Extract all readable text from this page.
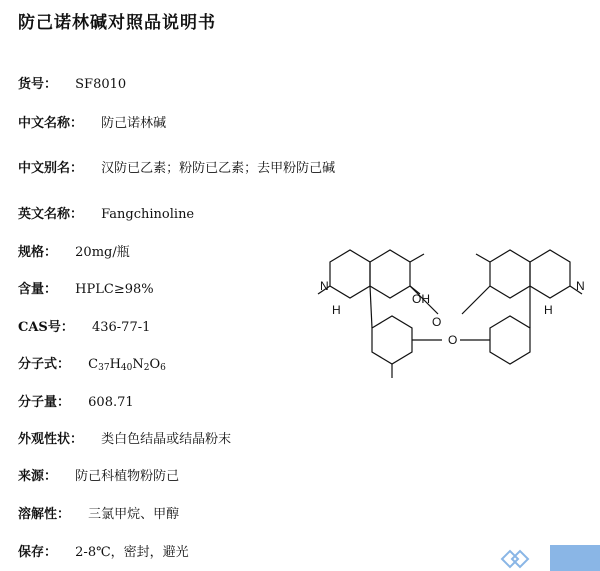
防己诺林碱对照品说明书
货号： SF8010
中文名称： 防己诺林碱
中文别名： 汉防已乙素；粉防已乙素；去甲粉防己碱
英文名称： Fangchinoline
规格： 20mg/瓶
含量： HPLC≥98%
CAS号： 436-77-1
分子式： $C_{37}H_{40}N_2O_6$
分子量： 608.71
外观性状： 类白色结晶或结晶粉末
来源： 防己科植物粉防己
溶解性： 三氯甲烷、甲醇
保存： 2-8℃，密封，避光
OH
N	N
H	H
O
O
